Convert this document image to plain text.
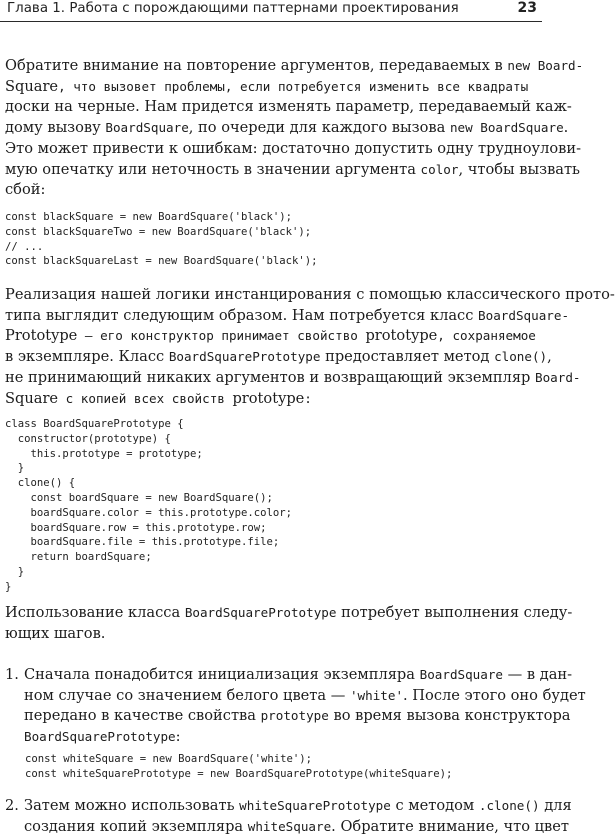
Глава 1. Работа с порождающими паттернами проектирования	23

Обратите внимание на повторение аргументов, передаваемых в new Board-
Square, что вызовет проблемы, если потребуется изменить все квадраты
доски на черные. Нам придется изменять параметр, передаваемый каж-
дому вызову BoardSquare, по очереди для каждого вызова new BoardSquare.
Это может привести к ошибкам: достаточно допустить одну трудноулови-
мую опечатку или неточность в значении аргумента color, чтобы вызвать
сбой:

const blackSquare = new BoardSquare('black');
const blackSquareTwo = new BoardSquare('black');
// ...
const blackSquareLast = new BoardSquare('black');

Реализация нашей логики инстанцирования с помощью классического прото-
типа выглядит следующим образом. Нам потребуется класс BoardSquare-
Prototype — его конструктор принимает свойство prototype, сохраняемое
в экземпляре. Класс BoardSquarePrototype предоставляет метод clone(),
не принимающий никаких аргументов и возвращающий экземпляр Board-
Square с копией всех свойств prototype:

class BoardSquarePrototype {
constructor(prototype) {
this.prototype = prototype;
}
clone() {
const boardSquare = new BoardSquare();
boardSquare.color = this.prototype.color;
boardSquare.row = this.prototype.row;
boardSquare.file = this.prototype.file;
return boardSquare;
}
}

Использование класса BoardSquarePrototype потребует выполнения следу-
ющих шагов.

1. Сначала понадобится инициализация экземпляра BoardSquare — в дан-
ном случае со значением белого цвета — 'white'. После этого оно будет
передано в качестве свойства prototype во время вызова конструктора
BoardSquarePrototype:

const whiteSquare = new BoardSquare('white');
const whiteSquarePrototype = new BoardSquarePrototype(whiteSquare);
2. Затем можно использовать whiteSquarePrototype с методом .clone() для
создания копий экземпляра whiteSquare. Обратите внимание, что цвет
